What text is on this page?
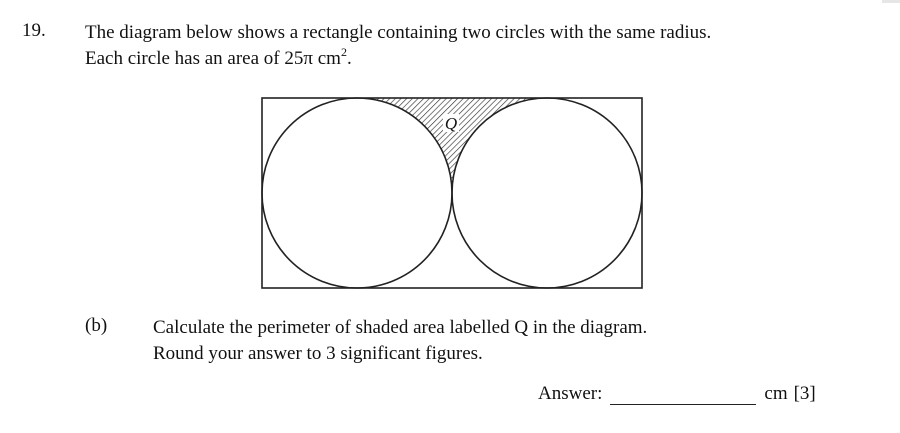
19. The diagram below shows a rectangle containing two circles with the same radius.
Each circle has an area of 25π $cm^2$.
Q
(b) Calculate the perimeter of shaded area labelled Q in the diagram.
Round your answer to 3 significant figures.
Answer:	cm [3]
